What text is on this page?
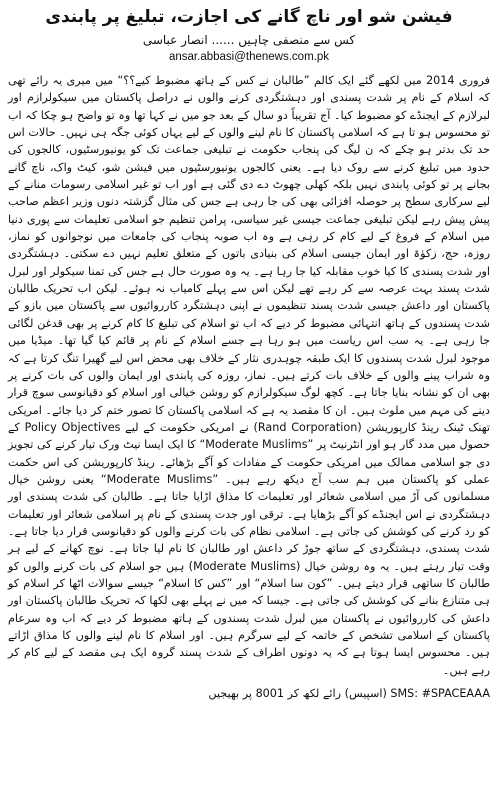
فیشن شو اور ناچ گانے کی اجازت، تبلیغ پر پابندی
کس سے منصفی چاہیں ...... انصار عباسی
ansar.abbasi@thenews.com.pk

فروری 2014 میں لکھے گئے ایک کالم ”طالبان نے کس کے ہاتھ مضبوط کیے؟؟“ میں میری یہ رائے تھی کہ اسلام کے نام پر شدت پسندی اور دہشتگردی کرنے والوں نے دراصل پاکستان میں سیکولرازم اور لبرلازم کے ایجنڈے کو مضبوط کیا۔ آج تقریباً دو سال کے بعد جو میں نے کہا تھا وہ تو واضح ہو چکا کہ اب تو محسوس ہو تا ہے کہ اسلامی پاکستان کا نام لینے والوں کے لیے یہاں کوئی جگہ ہی نہیں۔ حالات اس حد تک بدتر ہو چکے کہ ن لیگ کی پنجاب حکومت نے تبلیغی جماعت تک کو یونیورسٹیوں، کالجوں کی حدود میں تبلیغ کرنے سے روک دیا ہے۔ یعنی کالجوں یونیورسٹیوں میں فیشن شو، کیٹ واک، ناچ گانے بجانے پر تو کوئی پابندی نہیں بلکہ کھلی چھوٹ دے دی گئی ہے اور اب تو غیر اسلامی رسومات منانے کے لیے سرکاری سطح پر حوصلہ افزائی بھی کی جا رہی ہے جس کی مثال گزشتہ دنوں وزیر اعظم صاحب پیش پیش رہے لیکن تبلیغی جماعت جیسی غیر سیاسی، پرامن تنظیم جو اسلامی تعلیمات سے پوری دنیا میں اسلام کے فروغ کے لیے کام کر رہی ہے وہ اب صوبہ پنجاب کی جامعات میں نوجوانوں کو نماز، روزہ، حج، زکوٰۃ اور ایمان جیسی اسلام کی بنیادی باتوں کے متعلق تعلیم نہیں دے سکتی۔ دہشتگردی اور شدت پسندی کا کیا خوب مقابلہ کیا جا رہا ہے۔ یہ وہ صورت حال ہے جس کی تمنا سیکولر اور لبرل شدت پسند بہت عرصہ سے کر رہے تھے لیکن اس سے پہلے کامیاب نہ ہوئے۔ لیکن اب تحریک طالبان پاکستان اور داعش جیسی شدت پسند تنظیموں نے اپنی دہشتگرد کارروائیوں سے پاکستان میں بازو کے شدت پسندوں کے ہاتھ انتہائی مضبوط کر دیے کہ اب تو اسلام کی تبلیغ کا کام کرنے پر بھی قدغن لگائی جا رہی ہے۔ یہ سب اس ریاست میں ہو رہا ہے جسے اسلام کے نام پر قائم کیا گیا تھا۔ میڈیا میں موجود لبرل شدت پسندوں کا ایک طبقہ چوہدری نثار کے خلاف بھی محض اس لیے گھیرا تنگ کرتا ہے کہ وہ شراب پینے والوں کے خلاف بات کرتے ہیں۔ نماز، روزہ کی پابندی اور ایمان والوں کی بات کرنے پر بھی ان کو نشانہ بنایا جاتا ہے۔ کچھ لوگ سیکولرازم کو روشن خیالی اور اسلام کو دقیانوسی سوچ قرار دینے کی مہم میں ملوث ہیں۔ ان کا مقصد یہ ہے کہ اسلامی پاکستان کا تصور ختم کر دیا جائے۔ امریکی تھنک ٹینک رینڈ کارپوریشن (Rand Corporation) نے امریکی حکومت کے لیے Policy Objectives کے حصول میں مدد گار ہو اور انٹرنیٹ پر ”Moderate Muslims“ کا ایک ایسا نیٹ ورک تیار کرنے کی تجویز دی جو اسلامی ممالک میں امریکی حکومت کے مفادات کو آگے بڑھائے۔ رینڈ کارپوریشن کی اس حکمت عملی کو پاکستان میں ہم سب آج دیکھ رہے ہیں۔ ”Moderate Muslims“ یعنی روشن خیال مسلمانوں کی آڑ میں اسلامی شعائر اور تعلیمات کا مذاق اڑایا جاتا ہے۔ طالبان کی شدت پسندی اور دہشتگردی نے اس ایجنڈے کو آگے بڑھایا ہے۔ ترقی اور جدت پسندی کے نام پر اسلامی شعائر اور تعلیمات کو رد کرنے کی کوشش کی جاتی ہے۔ اسلامی نظام کی بات کرنے والوں کو دقیانوسی قرار دیا جاتا ہے۔ شدت پسندی، دہشتگردی کے ساتھ جوڑ کر داعش اور طالبان کا نام لیا جاتا ہے۔ نوچ کھانے کے لیے ہر وقت تیار رہتے ہیں۔ یہ وہ روشن خیال (Moderate Muslims) ہیں جو اسلام کی بات کرنے والوں کو طالبان کا ساتھی قرار دیتے ہیں۔ ”کون سا اسلام“ اور ”کس کا اسلام“ جیسے سوالات اٹھا کر اسلام کو ہی متنازع بنانے کی کوشش کی جاتی ہے۔ جیسا کہ میں نے پہلے بھی لکھا کہ تحریک طالبان پاکستان اور داعش کی کارروائیوں نے پاکستان میں لبرل شدت پسندوں کے ہاتھ مضبوط کر دیے کہ اب وہ سرعام پاکستان کے اسلامی تشخص کے خاتمہ کے لیے سرگرم ہیں۔ اور اسلام کا نام لینے والوں کا مذاق اڑاتے ہیں۔ محسوس ایسا ہوتا ہے کہ یہ دونوں اطراف کے شدت پسند گروہ ایک ہی مقصد کے لیے کام کر رہے ہیں۔

SMS: #SPACEAAA (اسپیس) رائے لکھ کر 8001 پر بھیجیں
